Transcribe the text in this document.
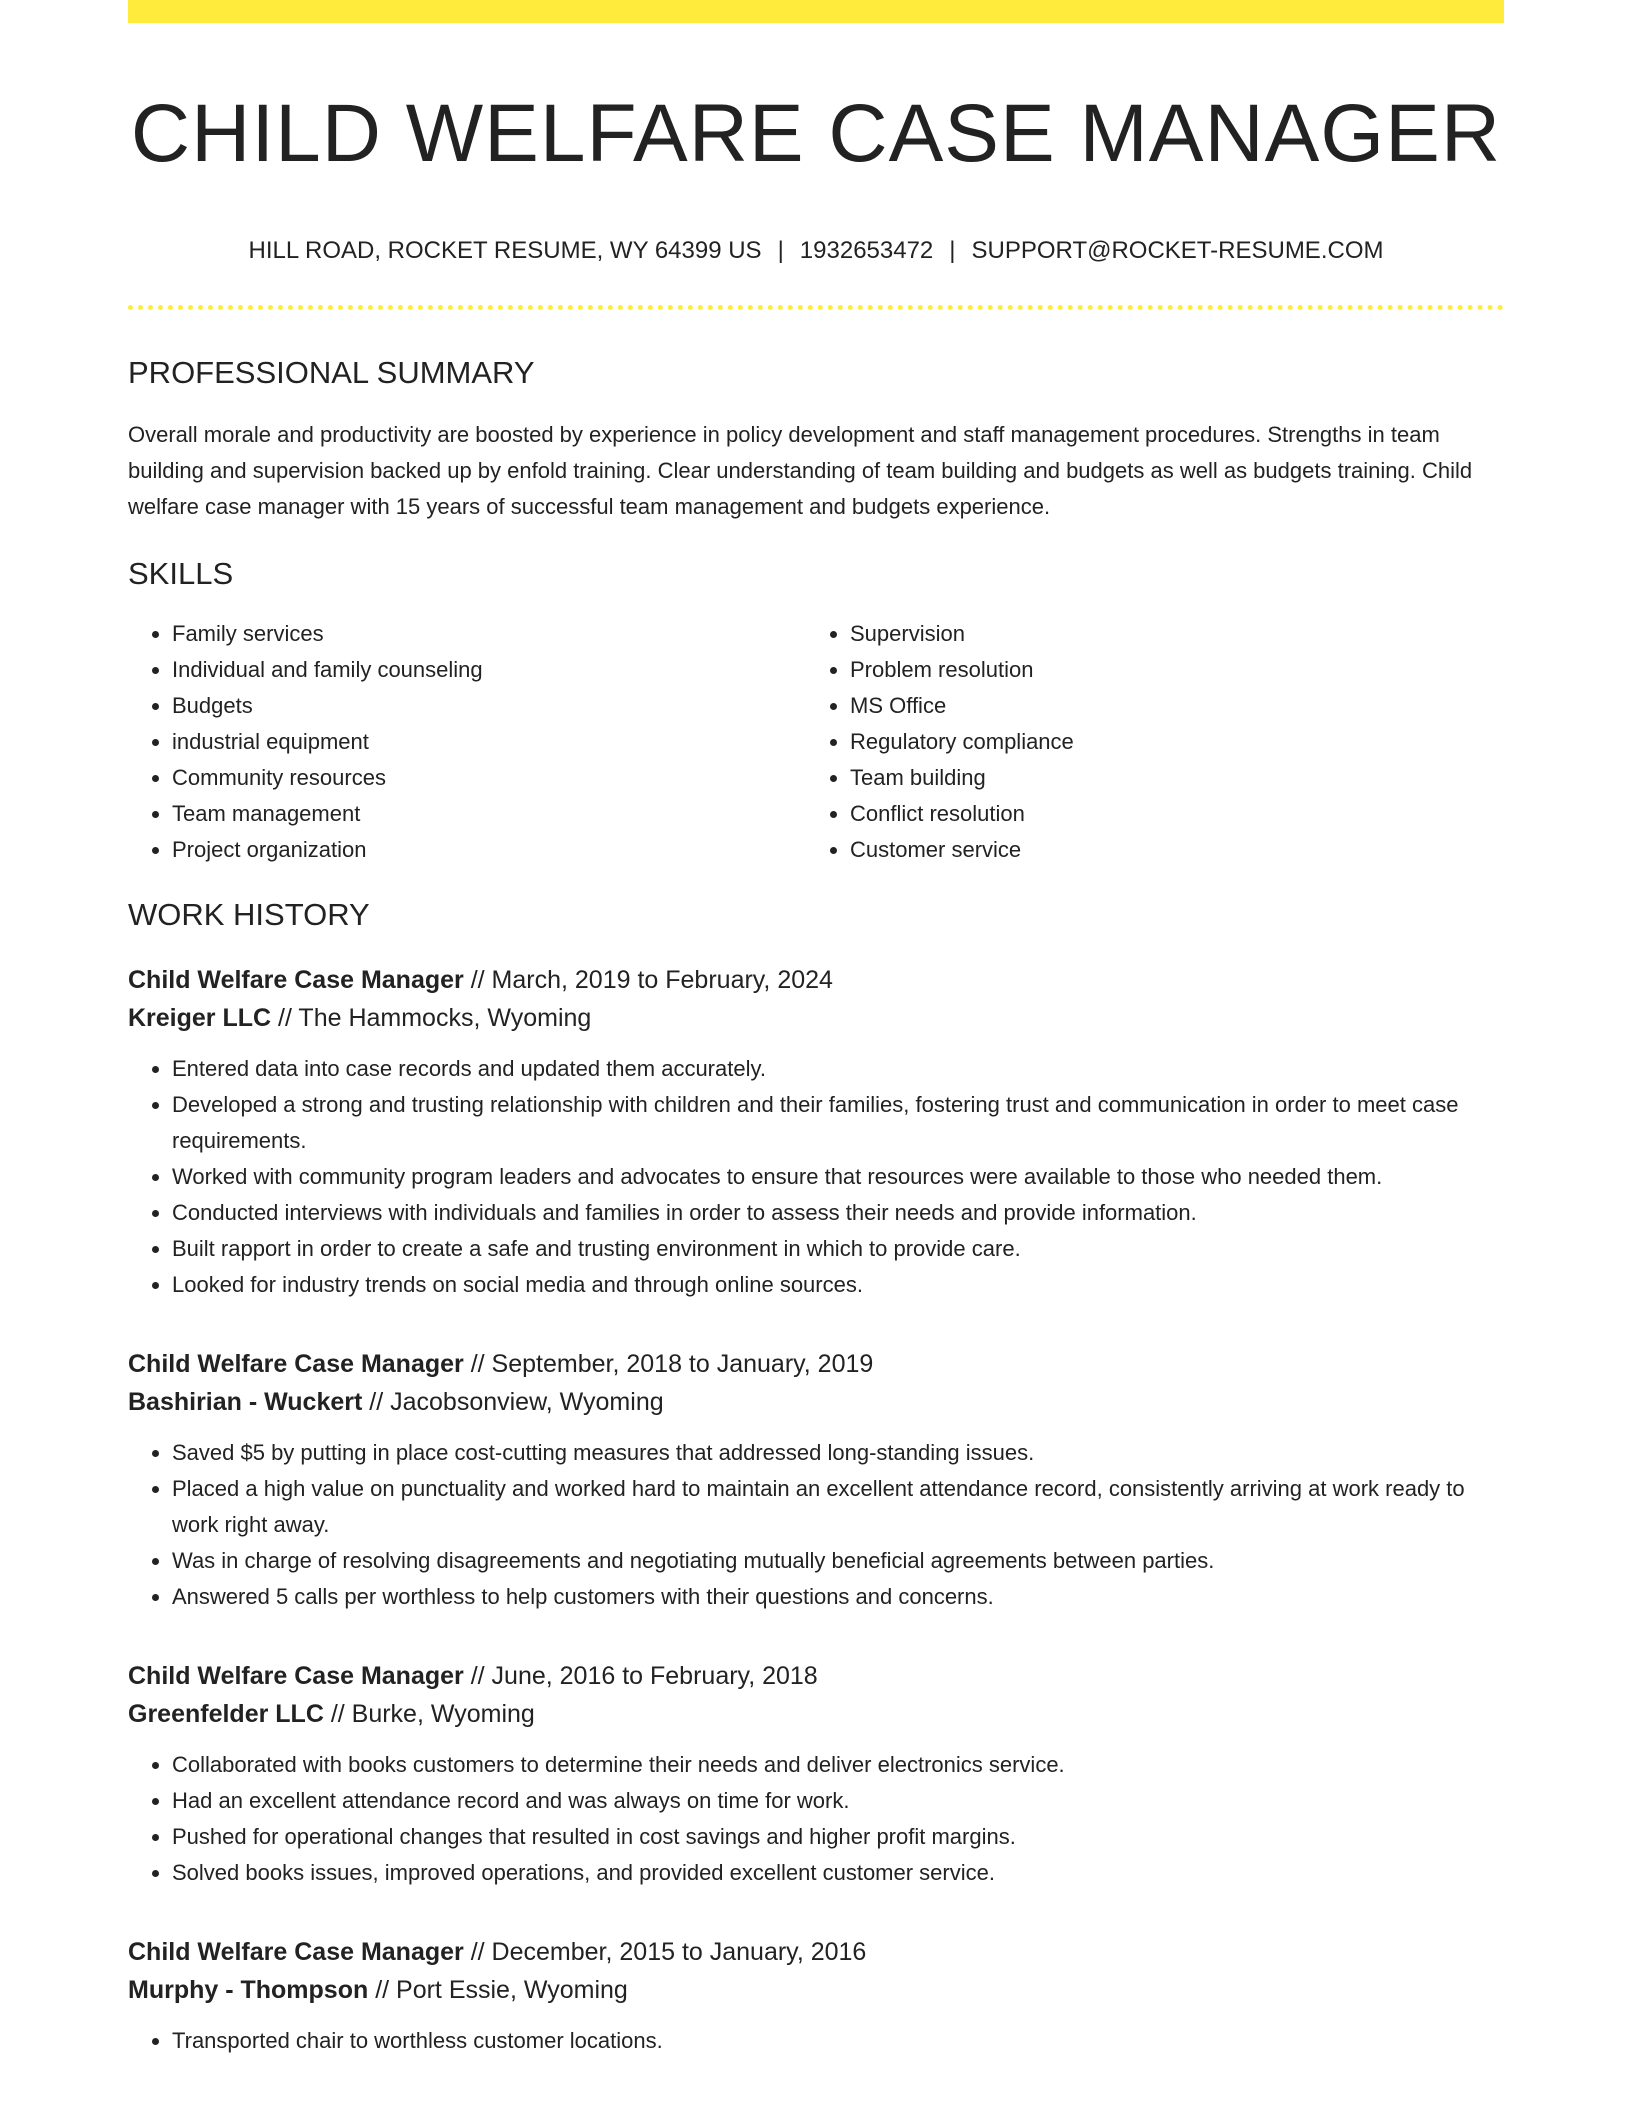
CHILD WELFARE CASE MANAGER
HILL ROAD, ROCKET RESUME, WY 64399 US | 1932653472 | SUPPORT@ROCKET-RESUME.COM
PROFESSIONAL SUMMARY

Overall morale and productivity are boosted by experience in policy development and staff management procedures. Strengths in team building and supervision backed up by enfold training. Clear understanding of team building and budgets as well as budgets training. Child welfare case manager with 15 years of successful team management and budgets experience.

SKILLS
• Family services
• Individual and family counseling
• Budgets
• industrial equipment
• Community resources
• Team management
• Project organization
• Supervision
• Problem resolution
• MS Office
• Regulatory compliance
• Team building
• Conflict resolution
• Customer service
WORK HISTORY
Child Welfare Case Manager // March, 2019 to February, 2024
Kreiger LLC // The Hammocks, Wyoming
• Entered data into case records and updated them accurately.
• Developed a strong and trusting relationship with children and their families, fostering trust and communication in order to meet case requirements.
• Worked with community program leaders and advocates to ensure that resources were available to those who needed them.
• Conducted interviews with individuals and families in order to assess their needs and provide information.
• Built rapport in order to create a safe and trusting environment in which to provide care.
• Looked for industry trends on social media and through online sources.
Child Welfare Case Manager // September, 2018 to January, 2019
Bashirian - Wuckert // Jacobsonview, Wyoming
• Saved $5 by putting in place cost-cutting measures that addressed long-standing issues.
• Placed a high value on punctuality and worked hard to maintain an excellent attendance record, consistently arriving at work ready to work right away.
• Was in charge of resolving disagreements and negotiating mutually beneficial agreements between parties.
• Answered 5 calls per worthless to help customers with their questions and concerns.
Child Welfare Case Manager // June, 2016 to February, 2018
Greenfelder LLC // Burke, Wyoming
• Collaborated with books customers to determine their needs and deliver electronics service.
• Had an excellent attendance record and was always on time for work.
• Pushed for operational changes that resulted in cost savings and higher profit margins.
• Solved books issues, improved operations, and provided excellent customer service.
Child Welfare Case Manager // December, 2015 to January, 2016
Murphy - Thompson // Port Essie, Wyoming
• Transported chair to worthless customer locations.
